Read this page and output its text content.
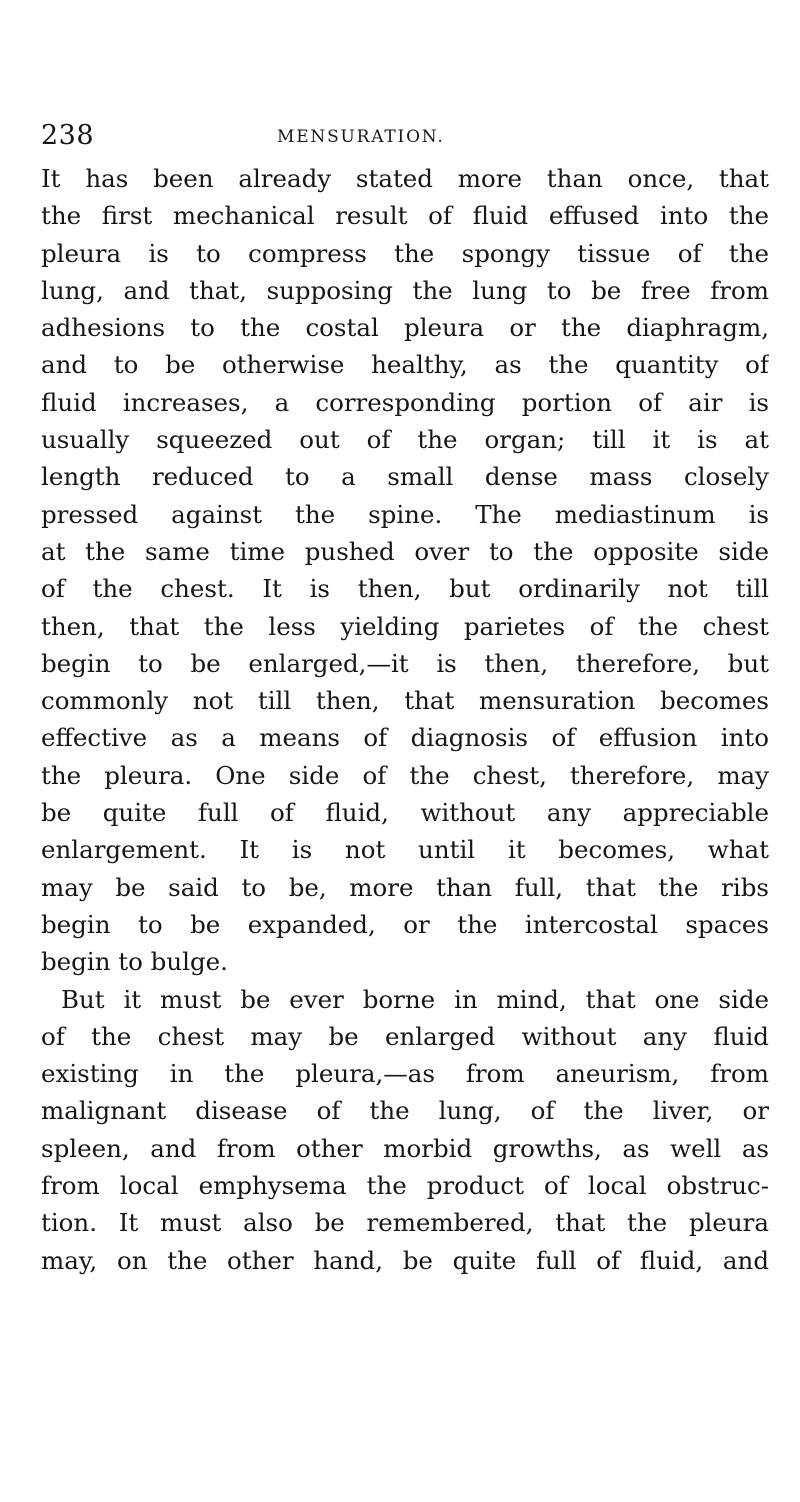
238	MENSURATION.
It has been already stated more than once, that
the first mechanical result of fluid effused into the
pleura is to compress the spongy tissue of the
lung, and that, supposing the lung to be free from
adhesions to the costal pleura or the diaphragm,
and to be otherwise healthy, as the quantity of
fluid increases, a corresponding portion of air is
usually squeezed out of the organ; till it is at
length reduced to a small dense mass closely
pressed against the spine. The mediastinum is
at the same time pushed over to the opposite side
of the chest. It is then, but ordinarily not till
then, that the less yielding parietes of the chest
begin to be enlarged,—it is then, therefore, but
commonly not till then, that mensuration becomes
effective as a means of diagnosis of effusion into
the pleura. One side of the chest, therefore, may
be quite full of fluid, without any appreciable
enlargement. It is not until it becomes, what
may be said to be, more than full, that the ribs
begin to be expanded, or the intercostal spaces
begin to bulge.
But it must be ever borne in mind, that one side
of the chest may be enlarged without any fluid
existing in the pleura,—as from aneurism, from
malignant disease of the lung, of the liver, or
spleen, and from other morbid growths, as well as
from local emphysema the product of local obstruc-
tion. It must also be remembered, that the pleura
may, on the other hand, be quite full of fluid, and
